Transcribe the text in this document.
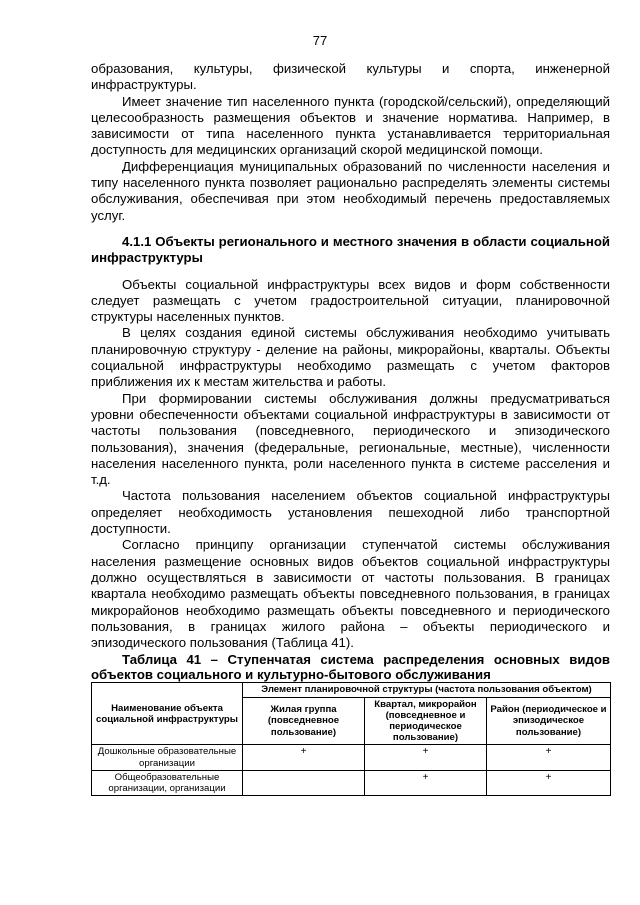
77

образования, культуры, физической культуры и спорта, инженерной инфраструктуры.

Имеет значение тип населенного пункта (городской/сельский), определяющий целесообразность размещения объектов и значение норматива. Например, в зависимости от типа населенного пункта устанавливается территориальная доступность для медицинских организаций скорой медицинской помощи.

Дифференциация муниципальных образований по численности населения и типу населенного пункта позволяет рационально распределять элементы системы обслуживания, обеспечивая при этом необходимый перечень предоставляемых услуг.

4.1.1 Объекты регионального и местного значения в области социальной инфраструктуры

Объекты социальной инфраструктуры всех видов и форм собственности следует размещать с учетом градостроительной ситуации, планировочной структуры населенных пунктов.

В целях создания единой системы обслуживания необходимо учитывать планировочную структуру - деление на районы, микрорайоны, кварталы. Объекты социальной инфраструктуры необходимо размещать с учетом факторов приближения их к местам жительства и работы.

При формировании системы обслуживания должны предусматриваться уровни обеспеченности объектами социальной инфраструктуры в зависимости от частоты пользования (повседневного, периодического и эпизодического пользования), значения (федеральные, региональные, местные), численности населения населенного пункта, роли населенного пункта в системе расселения и т.д.

Частота пользования населением объектов социальной инфраструктуры определяет необходимость установления пешеходной либо транспортной доступности.

Согласно принципу организации ступенчатой системы обслуживания населения размещение основных видов объектов социальной инфраструктуры должно осуществляться в зависимости от частоты пользования. В границах квартала необходимо размещать объекты повседневного пользования, в границах микрорайонов необходимо размещать объекты повседневного и периодического пользования, в границах жилого района – объекты периодического и эпизодического пользования (Таблица 41).

Таблица 41 – Ступенчатая система распределения основных видов объектов социального и культурно-бытового обслуживания
Наименование объекта социальной инфраструктуры	Элемент планировочной структуры (частота пользования объектом)		
	Жилая группа (повседневное пользование)	Квартал, микрорайон (повседневное и периодическое пользование)	Район (периодическое и эпизодическое пользование)
Дошкольные образовательные организации	+	+	+
Общеобразовательные организации, организации		+	+
